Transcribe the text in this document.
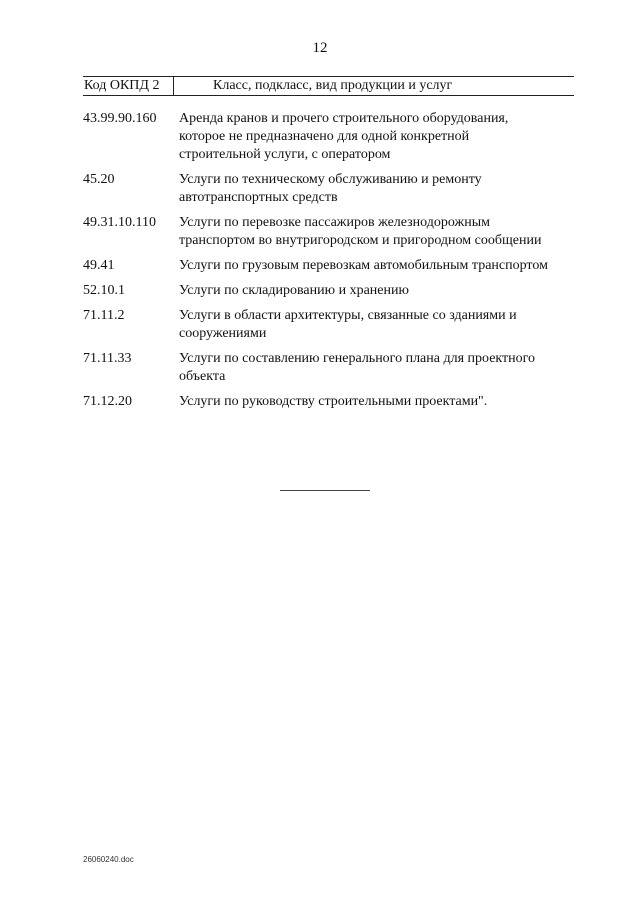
12
Код ОКПД 2	Класс, подкласс, вид продукции и услуг
43.99.90.160	Аренда кранов и прочего строительного оборудования, которое не предназначено для одной конкретной строительной услуги, с оператором
45.20	Услуги по техническому обслуживанию и ремонту автотранспортных средств
49.31.10.110	Услуги по перевозке пассажиров железнодорожным транспортом во внутригородском и пригородном сообщении
49.41	Услуги по грузовым перевозкам автомобильным транспортом
52.10.1	Услуги по складированию и хранению
71.11.2	Услуги в области архитектуры, связанные со зданиями и сооружениями
71.11.33	Услуги по составлению генерального плана для проектного объекта
71.12.20	Услуги по руководству строительными проектами".
26060240.doc
